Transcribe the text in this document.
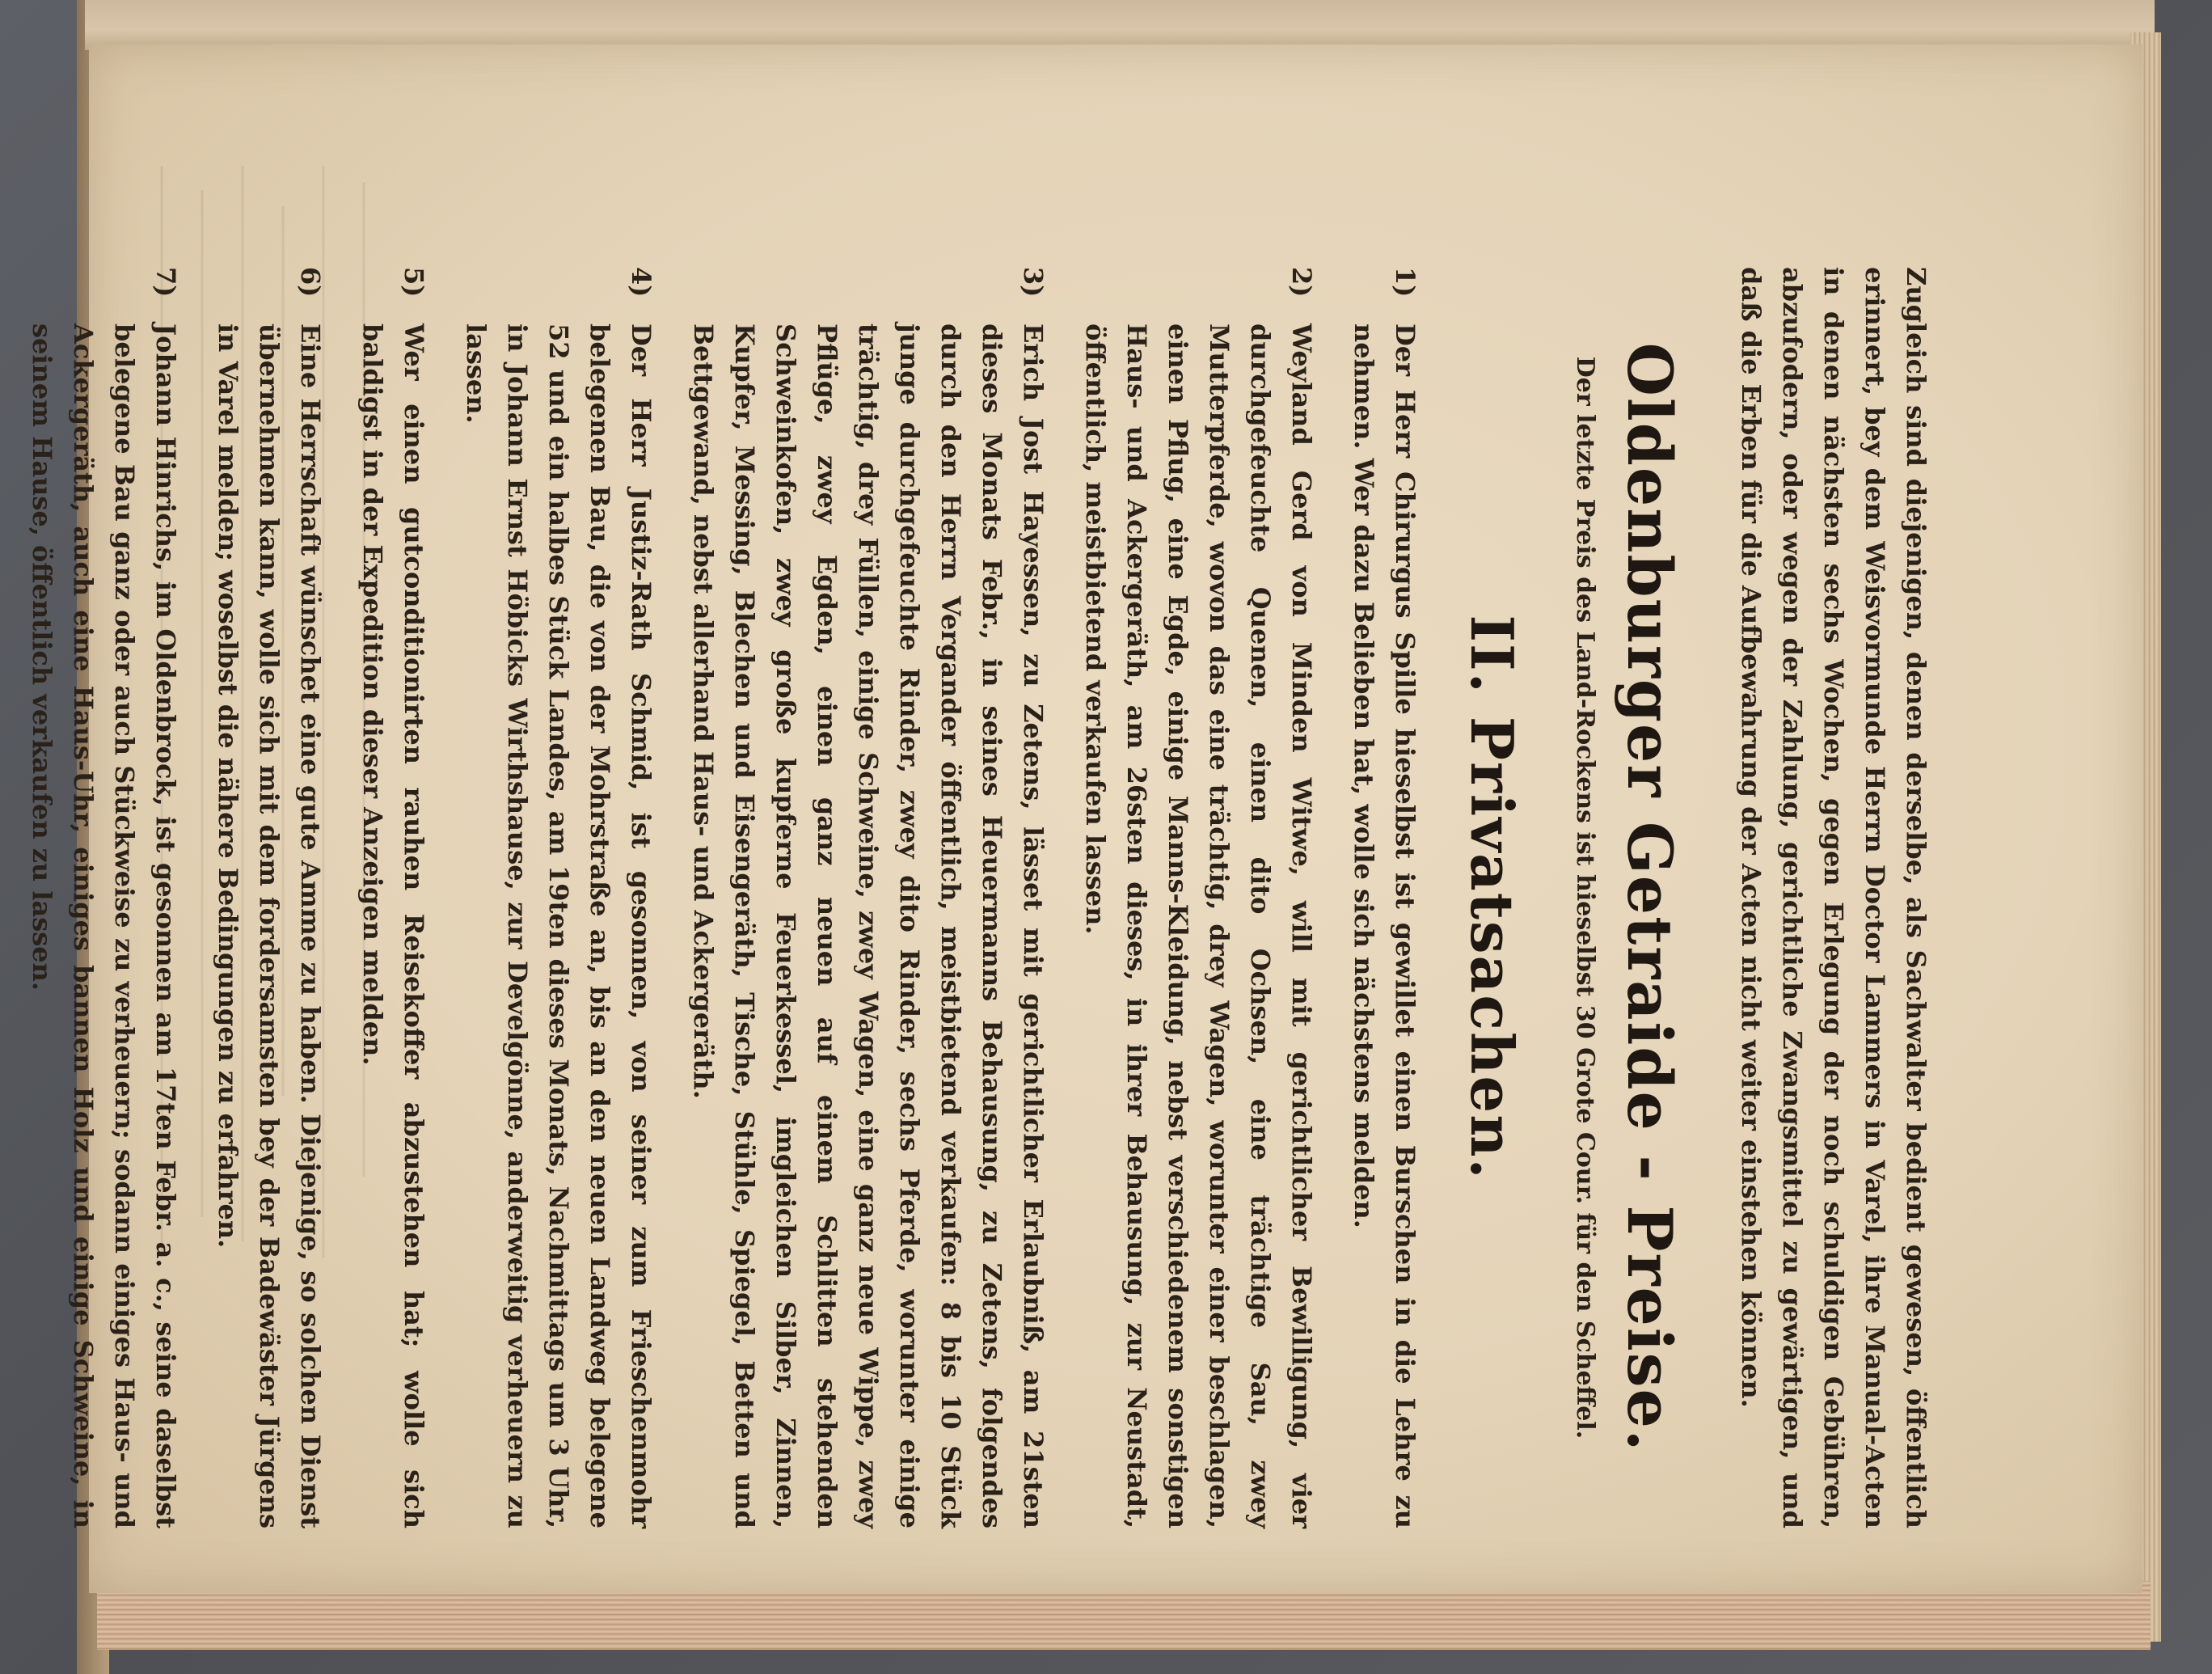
Zugleich sind diejenigen, denen derselbe, als Sachwalter bedient gewesen, öffentlich erinnert, bey dem Weisvormunde Herrn Doctor Lammers in Varel, ihre Manual-Acten in denen nächsten sechs Wochen, gegen Erlegung der noch schuldigen Gebühren, abzufodern, oder wegen der Zahlung, gerichtliche Zwangsmittel zu gewärtigen, und daß die Erben für die Aufbewahrung der Acten nicht weiter einstehen können.

Oldenburger Getraide - Preise.
Der letzte Preis des Land-Rockens ist hieselbst 30 Grote Cour. für den Scheffel.
II. Privatsachen.
1)

Der Herr Chirurgus Spille hieselbst ist gewillet einen Burschen in die Lehre zu nehmen. Wer dazu Belieben hat, wolle sich nächstens melden.

2)

Weyland Gerd von Minden Witwe, will mit gerichtlicher Bewilligung, vier durchgefeuchte Quenen, einen dito Ochsen, eine trächtige Sau, zwey Mutterpferde, wovon das eine trächtig, drey Wagen, worunter einer beschlagen, einen Pflug, eine Egde, einige Manns-Kleidung, nebst verschiedenem sonstigen Haus- und Ackergeräth, am 26sten dieses, in ihrer Behausung, zur Neustadt, öffentlich, meistbietend verkaufen lassen.

3)

Erich Jost Hayessen, zu Zetens, lässet mit gerichtlicher Erlaubniß, am 21sten dieses Monats Febr., in seines Heuermanns Behausung, zu Zetens, folgendes durch den Herrn Vergander öffentlich, meistbietend verkaufen: 8 bis 10 Stück junge durchgefeuchte Rinder, zwey dito Rinder, sechs Pferde, worunter einige trächtig, drey Füllen, einige Schweine, zwey Wagen, eine ganz neue Wippe, zwey Pflüge, zwey Egden, einen ganz neuen auf einem Schlitten stehenden Schweinkofen, zwey große kupferne Feuerkessel, imgleichen Silber, Zinnen, Kupfer, Messing, Blechen und Eisengeräth, Tische, Stühle, Spiegel, Betten und Bettgewand, nebst allerhand Haus- und Ackergeräth.

4)

Der Herr Justiz-Rath Schmid, ist gesonnen, von seiner zum Frieschenmohr belegenen Bau, die von der Mohrstraße an, bis an den neuen Landweg belegene 52 und ein halbes Stück Landes, am 19ten dieses Monats, Nachmittags um 3 Uhr, in Johann Ernst Höbicks Wirthshause, zur Develgönne, anderweitig verheuern zu lassen.

5)

Wer einen gutconditionirten rauhen Reisekoffer abzustehen hat; wolle sich baldigst in der Expedition dieser Anzeigen melden.

6)

Eine Herrschaft wünschet eine gute Amme zu haben. Diejenige, so solchen Dienst übernehmen kann, wolle sich mit dem fordersamsten bey der Badewäster Jürgens in Varel melden; woselbst die nähere Bedingungen zu erfahren.

7)

Johann Hinrichs, im Oldenbrock, ist gesonnen am 17ten Febr. a. c., seine daselbst belegene Bau ganz oder auch Stückweise zu verheuern; sodann einiges Haus- und Ackergeräth, auch eine Haus-Uhr, einiges bannen Holz und einige Schweine, in seinem Hause, öffentlich verkaufen zu lassen.
